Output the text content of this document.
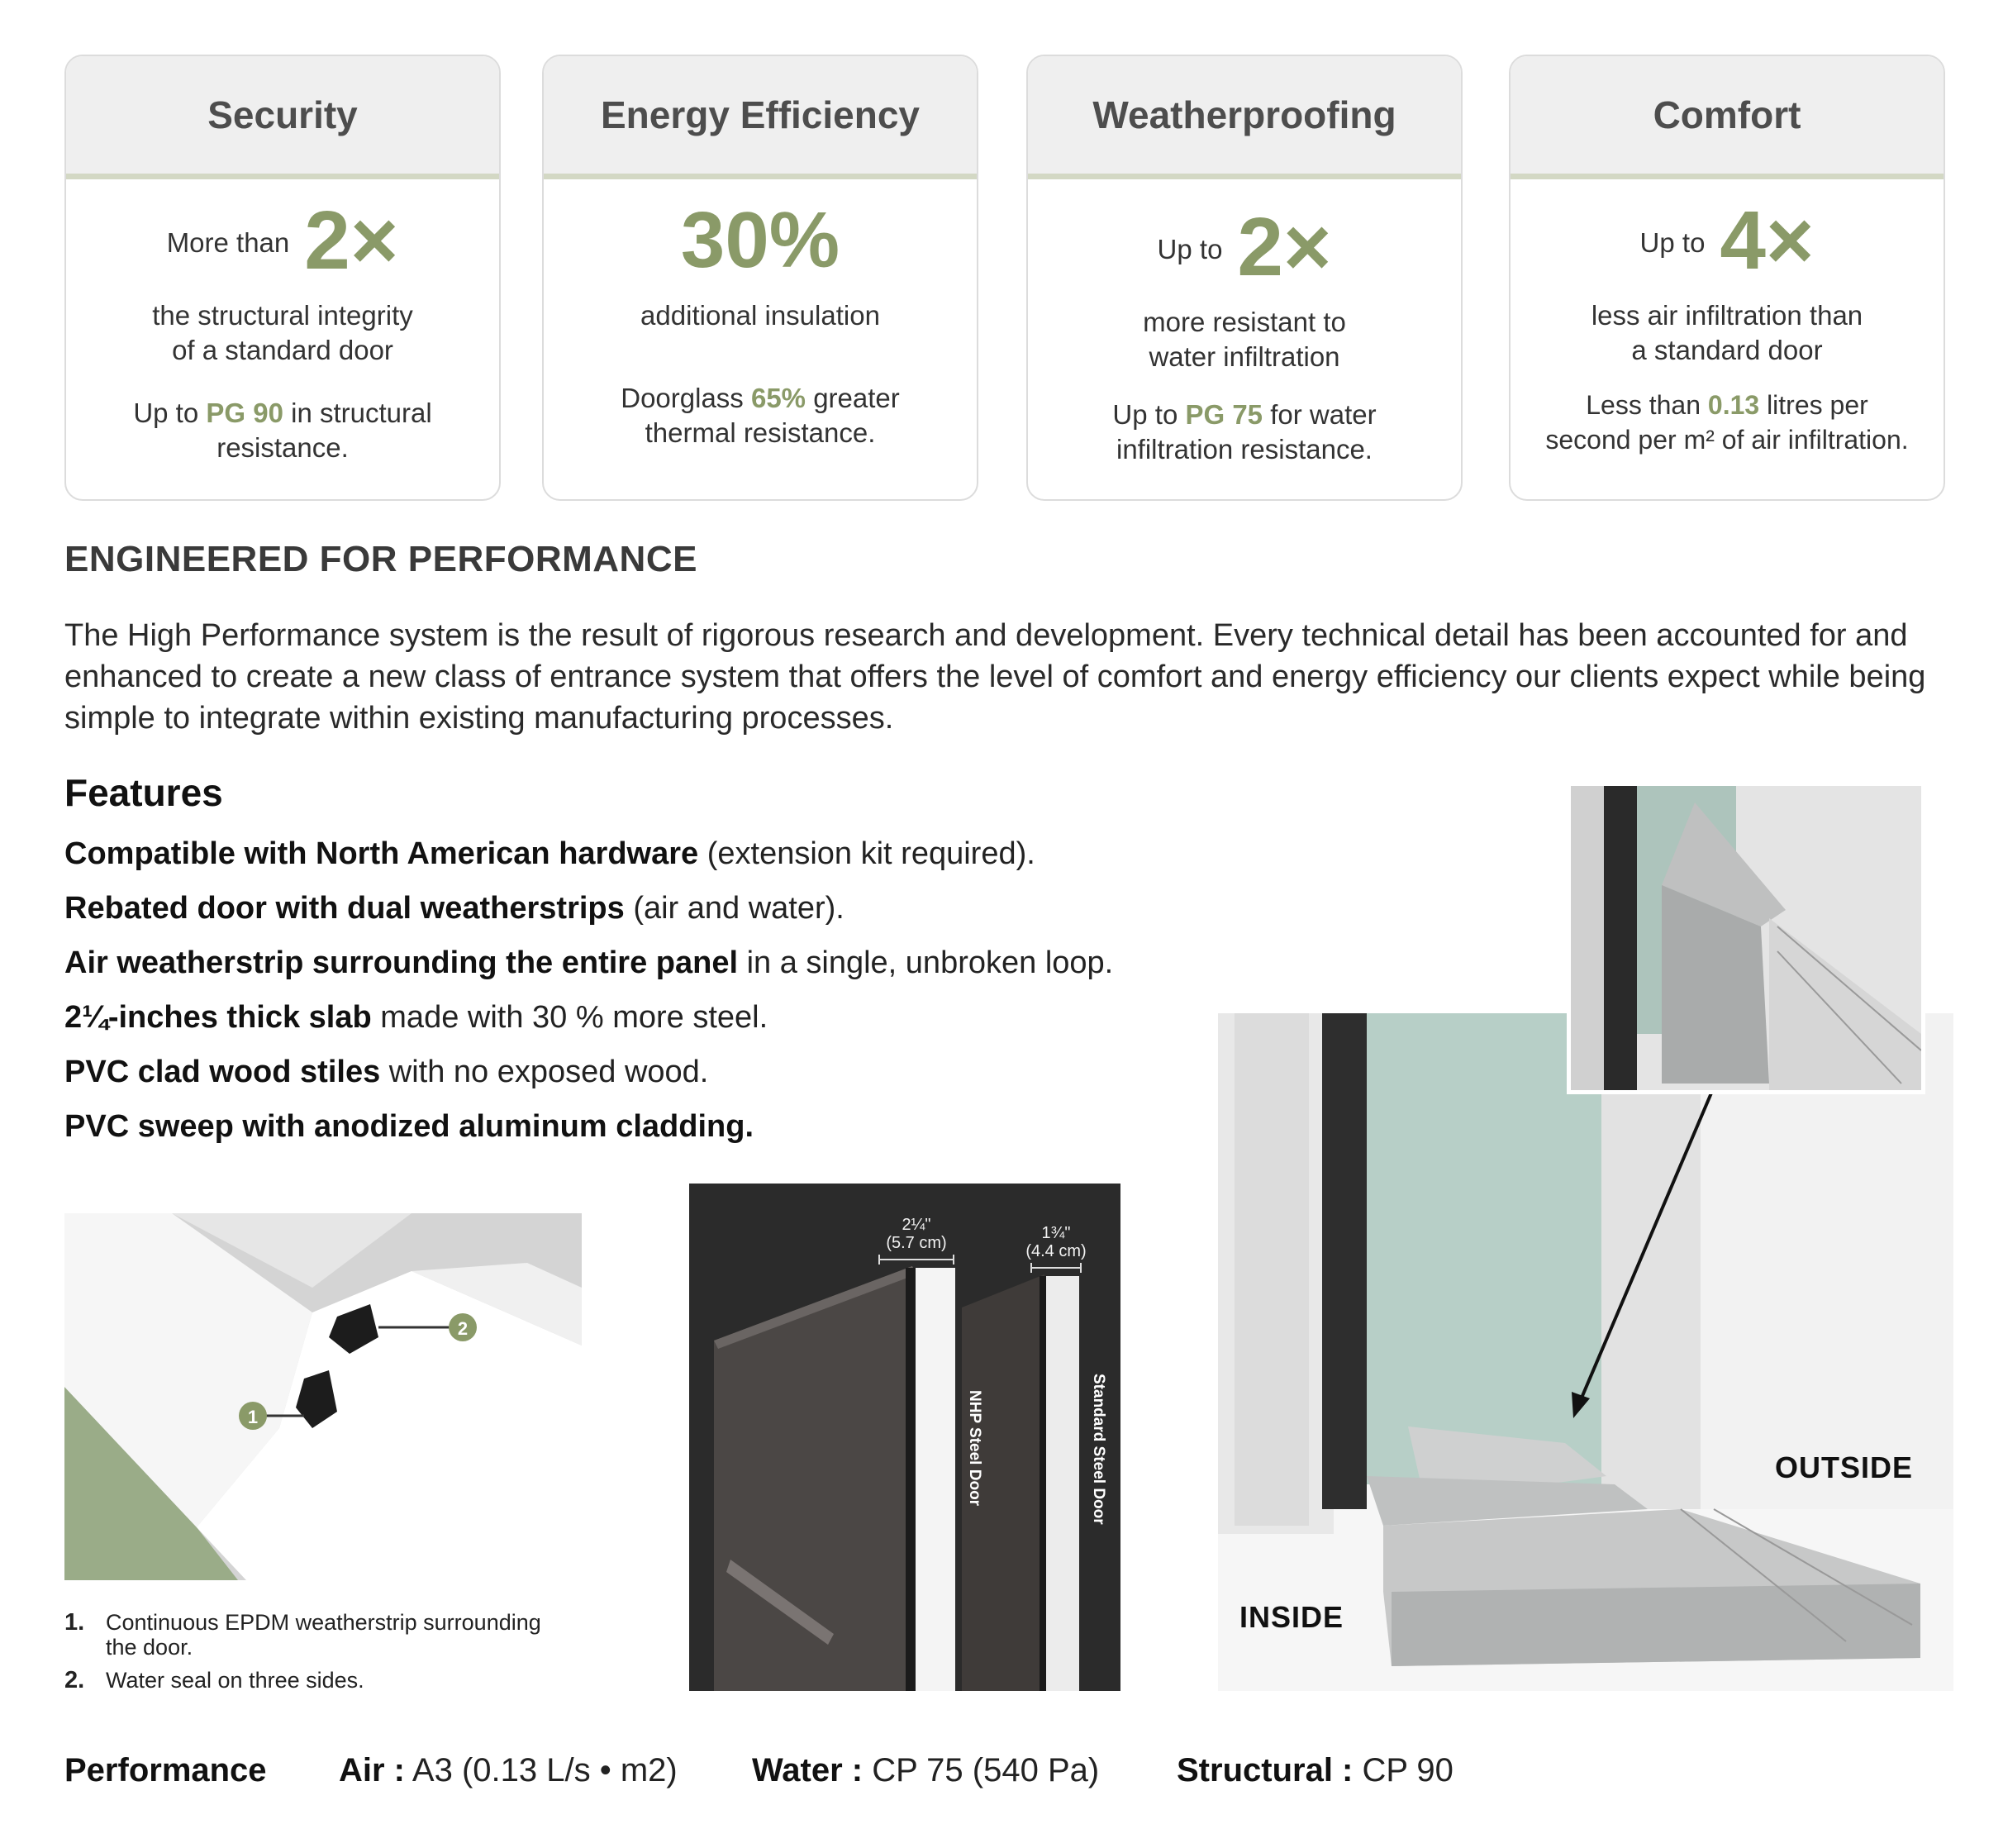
Security
More than 2×
the structural integrity
of a standard door
Up to PG 90 in structural
resistance.
Energy Efficiency
30%
additional insulation
Doorglass 65% greater
thermal resistance.
Weatherproofing
Up to 2×
more resistant to
water infiltration
Up to PG 75 for water
infiltration resistance.
Comfort
Up to 4×
less air infiltration than
a standard door
Less than 0.13 litres per
second per m² of air infiltration.
ENGINEERED FOR PERFORMANCE
The High Performance system is the result of rigorous research and development. Every technical detail has been accounted for and enhanced to create a new class of entrance system that offers the level of comfort and energy efficiency our clients expect while being simple to integrate within existing manufacturing processes.
Features
Compatible with North American hardware (extension kit required).
Rebated door with dual weatherstrips (air and water).
Air weatherstrip surrounding the entire panel in a single, unbroken loop.
2¼-inches thick slab made with 30 % more steel.
PVC clad wood stiles with no exposed wood.
PVC sweep with anodized aluminum cladding.
2
1
1. Continuous EPDM weatherstrip surrounding the door.
2. Water seal on three sides.
2¼"
(5.7 cm)
1¾"
(4.4 cm)
NHP Steel Door	Standard Steel Door	OUTSIDE
INSIDE
Performance Air : A3 (0.13 L/s • m2) Water : CP 75 (540 Pa) Structural : CP 90
